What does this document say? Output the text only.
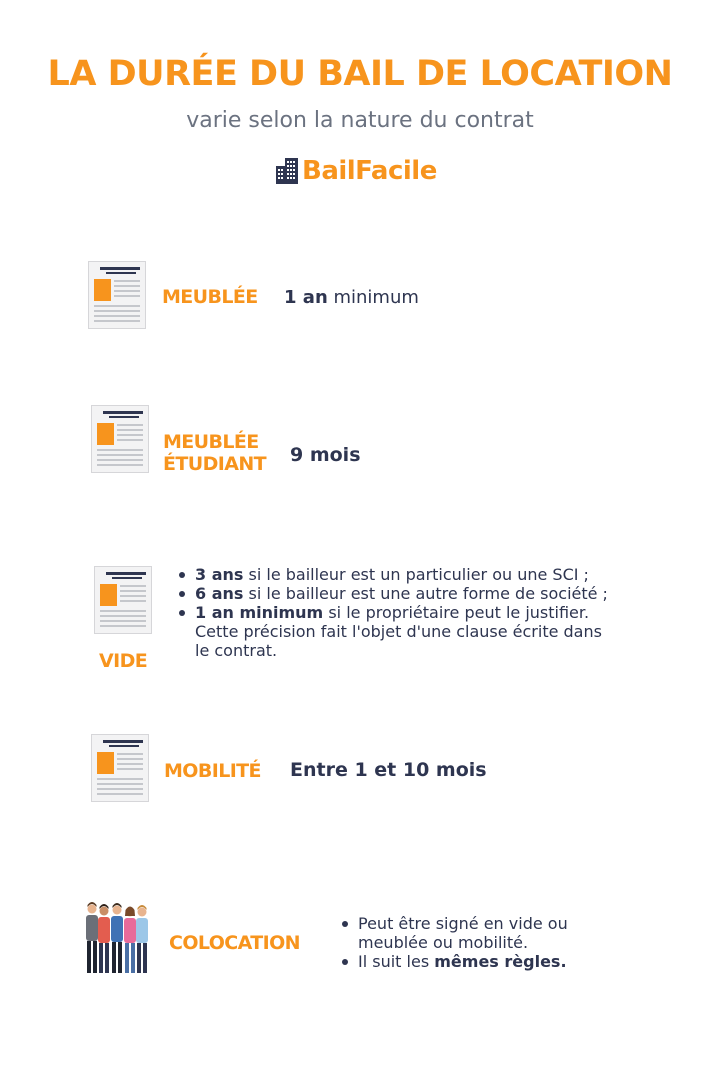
LA DURÉE DU BAIL DE LOCATION
varie selon la nature du contrat
BailFacile
MEUBLÉE 1 an minimum
MEUBLÉE
ÉTUDIANT 9 mois
VIDE
3 ans si le bailleur est un particulier ou une SCI ;
6 ans si le bailleur est une autre forme de société ;
1 an minimum si le propriétaire peut le justifier.
Cette précision fait l'objet d'une clause écrite dans
le contrat.
MOBILITÉ Entre 1 et 10 mois
COLOCATION
Peut être signé en vide ou
meublée ou mobilité.
Il suit les mêmes règles.
